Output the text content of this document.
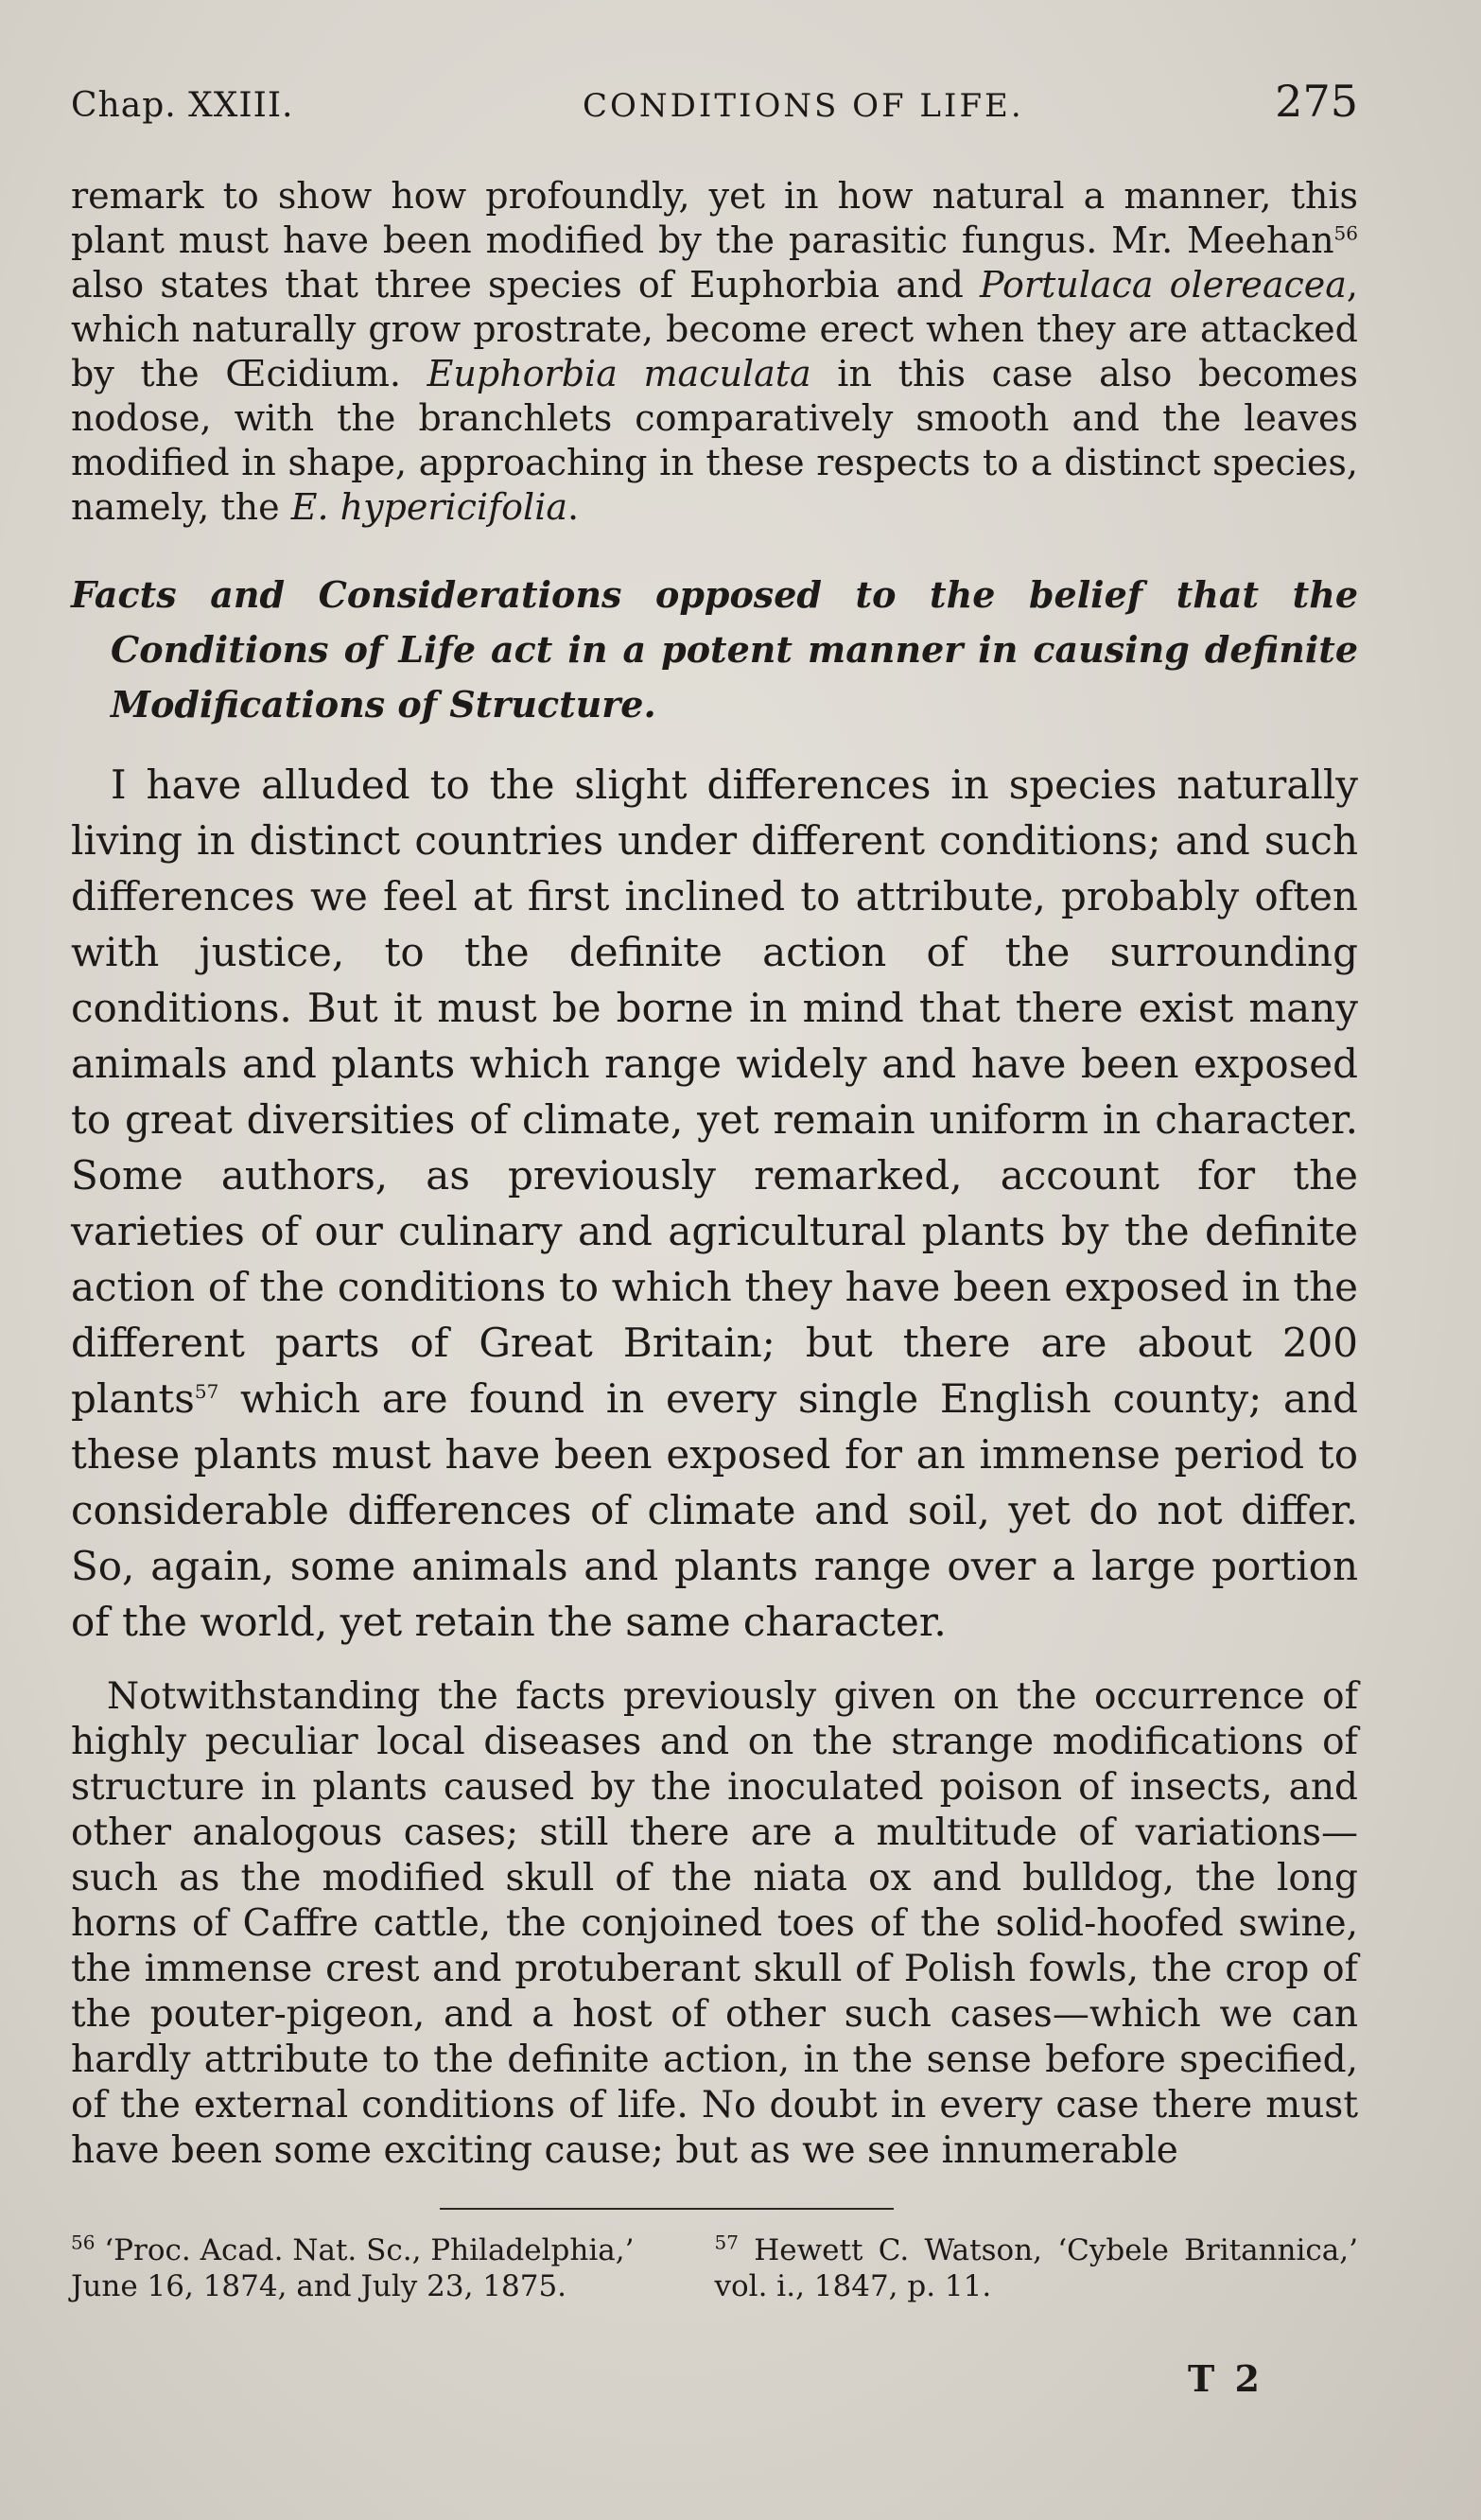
Chap. XXIII.	CONDITIONS OF LIFE.	275

remark to show how profoundly, yet in how natural a manner, this plant must have been modified by the parasitic fungus. Mr. Meehan$^{56}$ also states that three species of Euphorbia and Portulaca olereacea, which naturally grow prostrate, become erect when they are attacked by the Œcidium. Euphorbia maculata in this case also becomes nodose, with the branchlets comparatively smooth and the leaves modified in shape, approaching in these respects to a distinct species, namely, the E. hypericifolia.

Facts and Considerations opposed to the belief that the Conditions of Life act in a potent manner in causing definite Modifications of Structure.

I have alluded to the slight differences in species naturally living in distinct countries under different conditions; and such differences we feel at first inclined to attribute, probably often with justice, to the definite action of the surrounding conditions. But it must be borne in mind that there exist many animals and plants which range widely and have been exposed to great diversities of climate, yet remain uniform in character. Some authors, as previously remarked, account for the varieties of our culinary and agricultural plants by the definite action of the conditions to which they have been exposed in the different parts of Great Britain; but there are about 200 plants$^{57}$ which are found in every single English county; and these plants must have been exposed for an immense period to considerable differences of climate and soil, yet do not differ. So, again, some animals and plants range over a large portion of the world, yet retain the same character.

Notwithstanding the facts previously given on the occurrence of highly peculiar local diseases and on the strange modifications of structure in plants caused by the inoculated poison of insects, and other analogous cases; still there are a multitude of variations—such as the modified skull of the niata ox and bulldog, the long horns of Caffre cattle, the conjoined toes of the solid-hoofed swine, the immense crest and protuberant skull of Polish fowls, the crop of the pouter-pigeon, and a host of other such cases—which we can hardly attribute to the definite action, in the sense before specified, of the external conditions of life. No doubt in every case there must have been some exciting cause; but as we see innumerable

$^{56}$ ‘Proc. Acad. Nat. Sc., Philadelphia,’ June 16, 1874, and July 23, 1875.
$^{57}$ Hewett C. Watson, ‘Cybele Britannica,’ vol. i., 1847, p. 11.
T 2
